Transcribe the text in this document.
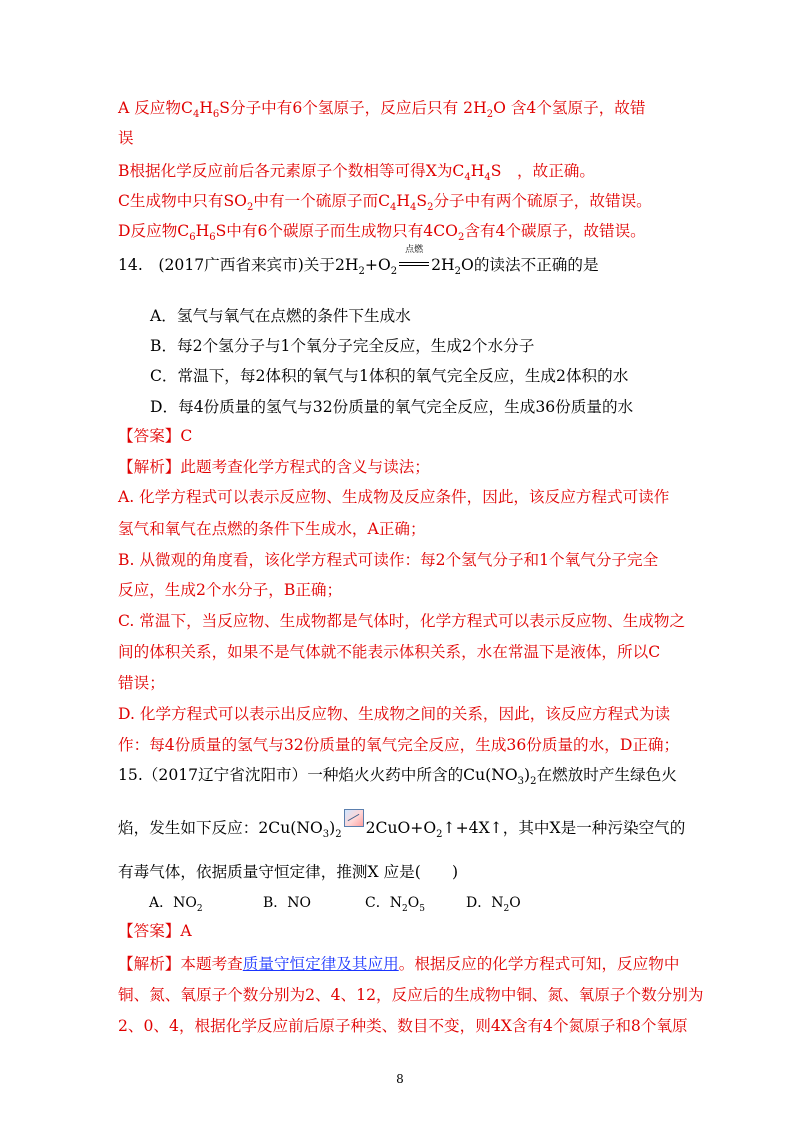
A 反应物$C_4H_6S$分子中有6个氢原子，反应后只有 $2H_2O$ 含4个氢原子，故错
误
B根据化学反应前后各元素原子个数相等可得X为$C_4H_4S$　，故正确。
C生成物中只有$SO_2$中有一个硫原子而$C_4H_4S_2$分子中有两个硫原子，故错误。
D反应物$C_6H_6S$中有6个碳原子而生成物只有$4CO_2$含有4个碳原子，故错误。
14.　(2017广西省来宾市)关于$2H_2+O_2$
点燃
$2H_2O$的读法不正确的是
A．氢气与氧气在点燃的条件下生成水
B．每2个氢分子与1个氧分子完全反应，生成2个水分子
C．常温下，每2体积的氧气与1体积的氧气完全反应，生成2体积的水
D．每4份质量的氢气与32份质量的氧气完全反应，生成36份质量的水
【答案】C
【解析】此题考查化学方程式的含义与读法；
A. 化学方程式可以表示反应物、生成物及反应条件，因此，该反应方程式可读作
氢气和氧气在点燃的条件下生成水，A正确；
B. 从微观的角度看，该化学方程式可读作：每2个氢气分子和1个氧气分子完全
反应，生成2个水分子，B正确；
C. 常温下，当反应物、生成物都是气体时，化学方程式可以表示反应物、生成物之
间的体积关系，如果不是气体就不能表示体积关系，水在常温下是液体，所以C
错误；
D. 化学方程式可以表示出反应物、生成物之间的关系，因此，该反应方程式为读
作：每4份质量的氢气与32份质量的氧气完全反应，生成36份质量的水，D正确；
15.（2017辽宁省沈阳市）一种焰火火药中所含的$Cu(NO_3)_2$在燃放时产生绿色火
焰，发生如下反应：$2Cu(NO_3)_2$ $2CuO+O_2↑+4X↑$，其中X是一种污染空气的
有毒气体，依据质量守恒定律，推测X 应是(　　)
A．$NO_2$	B．NO	C．$N_2O_5$	D．$N_2O$
【答案】A
【解析】本题考查质量守恒定律及其应用。根据反应的化学方程式可知，反应物中
铜、氮、氧原子个数分别为2、4、12，反应后的生成物中铜、氮、氧原子个数分别为
2、0、4，根据化学反应前后原子种类、数目不变，则4X含有4个氮原子和8个氧原
8
